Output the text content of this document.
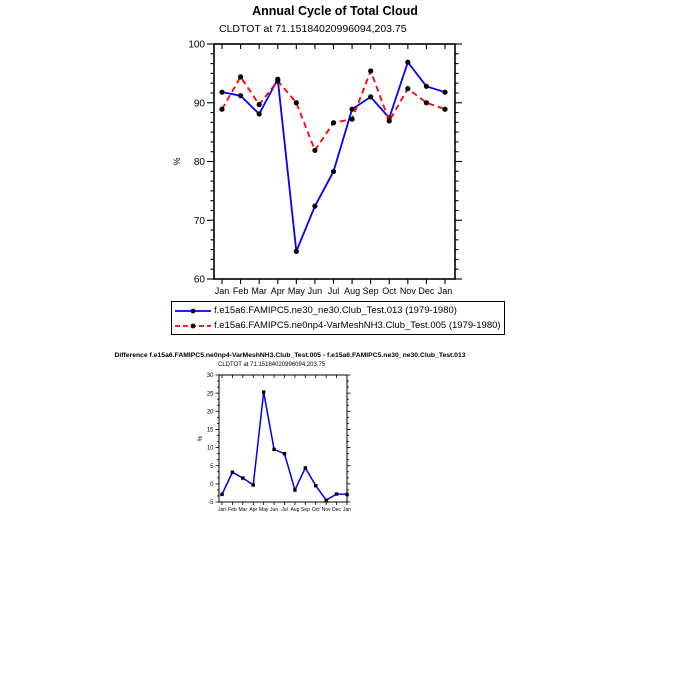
Annual Cycle of Total Cloud
CLDTOT at 71.15184020996094,203.75
60
70
80
90
100
Jan Feb Mar Apr May Jun Jul Aug Sep Oct Nov Dec Jan
%
f.e15a6.FAMIPC5.ne30_ne30.Club_Test.013 (1979-1980)
f.e15a6.FAMIPC5.ne0np4-VarMeshNH3.Club_Test.005 (1979-1980)
Difference f.e15a6.FAMIPC5.ne0np4-VarMeshNH3.Club_Test.005 - f.e15a6.FAMIPC5.ne30_ne30.Club_Test.013
CLDTOT at 71.15184020996094,203.75
-5
0
5
10
15
20
25
30
Jan Feb Mar Apr May Jun Jul Aug Sep Oct Nov Dec Jan
%
